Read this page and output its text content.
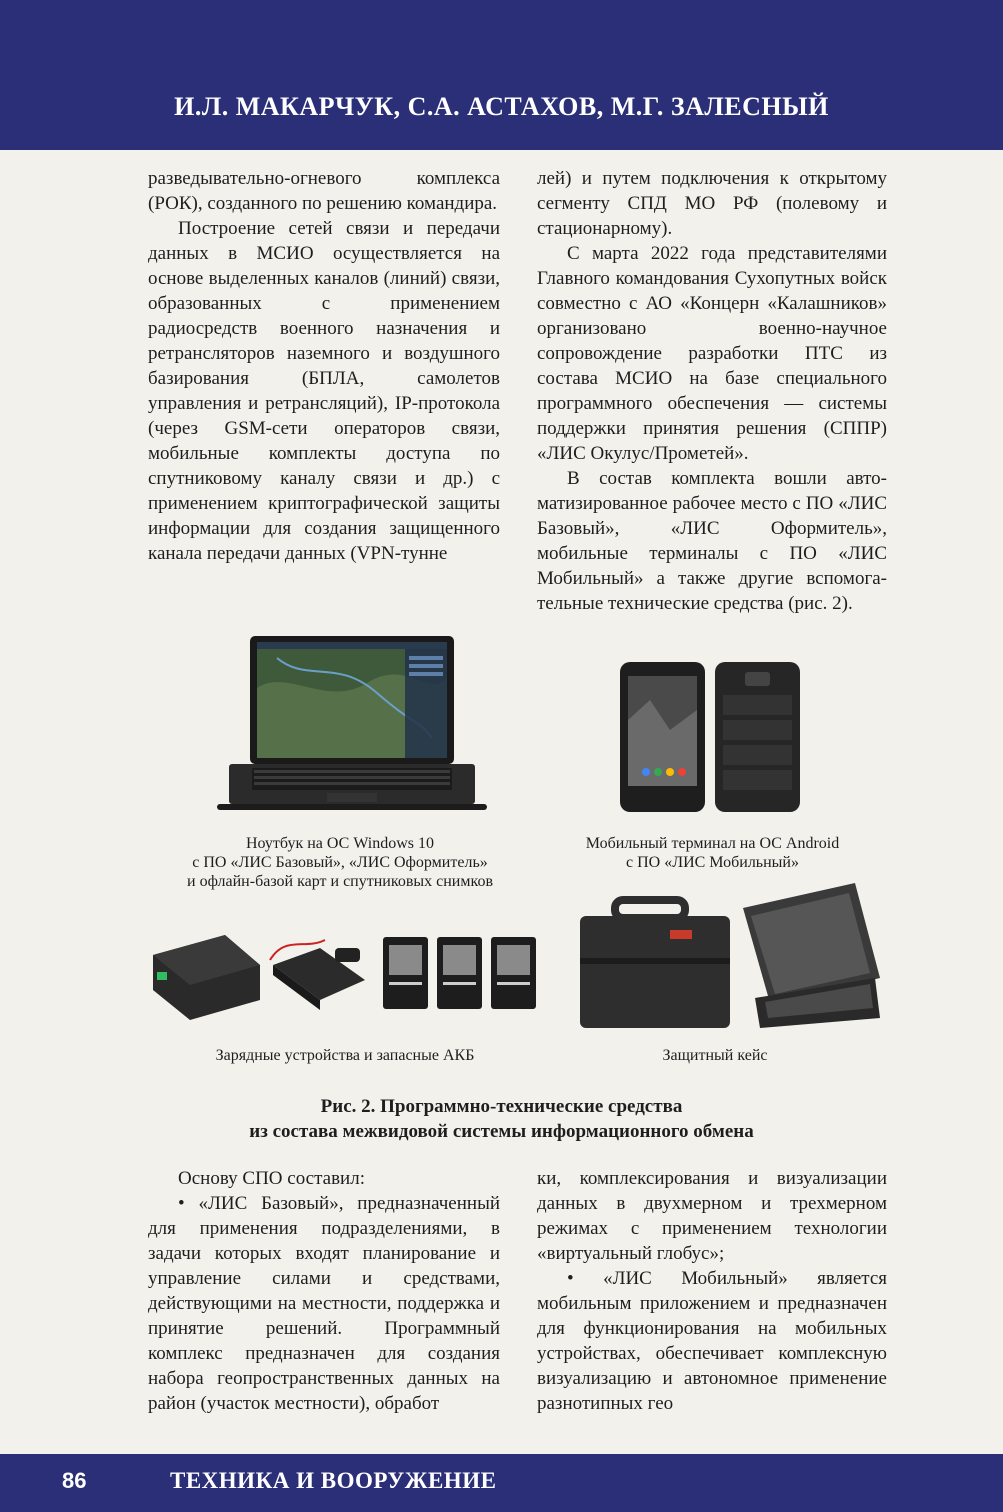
И.Л. МАКАРЧУК, С.А. АСТАХОВ, М.Г. ЗАЛЕСНЫЙ

разведывательно-огневого комплекса (РОК), созданного по решению командира.

Построение сетей связи и передачи данных в МСИО осуществляется на основе выделенных каналов (линий) связи, образованных с применением радиосредств военного назначения и ретрансляторов наземного и воздушного базирования (БПЛА, самолетов управления и ретрансляций), IP-протокола (через GSM-сети операторов связи, мобильные комплекты доступа по спутниковому каналу связи и др.) с применением криптографической защиты информации для создания защищенного канала передачи данных (VPN-тунне

лей) и путем подключения к открытому сегменту СПД МО РФ (полевому и стационарному).

С марта 2022 года представителями Главного командования Сухопутных войск совместно с АО «Концерн «Калашников» организовано военно-научное сопровождение разработки ПТС из состава МСИО на базе специального программного обеспечения — системы поддержки принятия решения (СППР) «ЛИС Окулус/Прометей».

В состав комплекта вошли автоматизированное рабочее место с ПО «ЛИС Базовый», «ЛИС Оформитель», мобильные терминалы с ПО «ЛИС Мобильный» а также другие вспомогательные технические средства (рис. 2).

Ноутбук на ОС Windows 10
с ПО «ЛИС Базовый», «ЛИС Оформитель»
и офлайн-базой карт и спутниковых снимков
Мобильный терминал на ОС Android
с ПО «ЛИС Мобильный»
Зарядные устройства и запасные АКБ	Защитный кейс
Рис. 2. Программно-технические средства
из состава межвидовой системы информационного обмена

Основу СПО составил:

• «ЛИС Базовый», предназначенный для применения подразделениями, в задачи которых входят планирование и управление силами и средствами, действующими на местности, поддержка и принятие решений. Программный комплекс предназначен для создания набора геопространственных данных на район (участок местности), обработ

ки, комплексирования и визуализации данных в двухмерном и трехмерном режимах с применением технологии «виртуальный глобус»;

• «ЛИС Мобильный» является мобильным приложением и предназначен для функционирования на мобильных устройствах, обеспечивает комплексную визуализацию и автономное применение разнотипных гео

86	ТЕХНИКА И ВООРУЖЕНИЕ
